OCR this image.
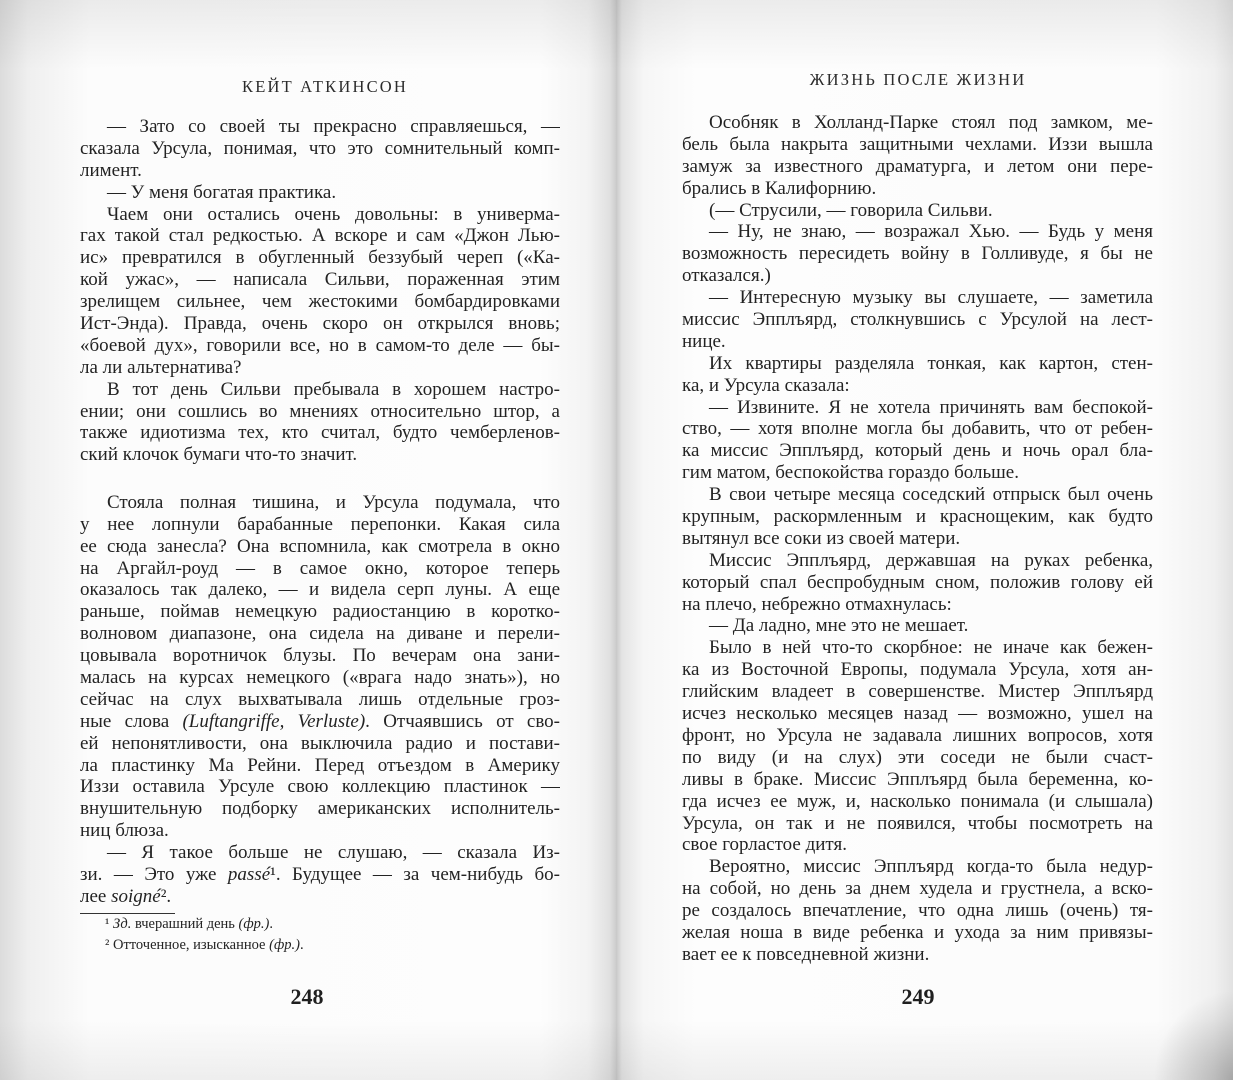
КЕЙТ АТКИНСОН
— Зато со своей ты прекрасно справляешься, —
сказала Урсула, понимая, что это сомнительный комп-
лимент.
— У меня богатая практика.
Чаем они остались очень довольны: в универма-
гах такой стал редкостью. А вскоре и сам «Джон Лью-
ис» превратился в обугленный беззубый череп («Ка-
кой ужас», — написала Сильви, пораженная этим
зрелищем сильнее, чем жестокими бомбардировками
Ист-Энда). Правда, очень скоро он открылся вновь;
«боевой дух», говорили все, но в самом-то деле — бы-
ла ли альтернатива?
В тот день Сильви пребывала в хорошем настро-
ении; они сошлись во мнениях относительно штор, а
также идиотизма тех, кто считал, будто чемберленов-
ский клочок бумаги что-то значит.
Стояла полная тишина, и Урсула подумала, что
у нее лопнули барабанные перепонки. Какая сила
ее сюда занесла? Она вспомнила, как смотрела в окно
на Аргайл-роуд — в самое окно, которое теперь
оказалось так далеко, — и видела серп луны. А еще
раньше, поймав немецкую радиостанцию в коротко-
волновом диапазоне, она сидела на диване и перели-
цовывала воротничок блузы. По вечерам она зани-
малась на курсах немецкого («врага надо знать»), но
сейчас на слух выхватывала лишь отдельные гроз-
ные слова (Luftangriffe, Verluste). Отчаявшись от сво-
ей непонятливости, она выключила радио и постави-
ла пластинку Ма Рейни. Перед отъездом в Америку
Иззи оставила Урсуле свою коллекцию пластинок —
внушительную подборку американских исполнитель-
ниц блюза.
— Я такое больше не слушаю, — сказала Из-
зи. — Это уже passé¹. Будущее — за чем-нибудь бо-
лее soigné².
¹ Зд. вчерашний день (фр.).
² Отточенное, изысканное (фр.).
248
ЖИЗНЬ ПОСЛЕ ЖИЗНИ
Особняк в Холланд-Парке стоял под замком, ме-
бель была накрыта защитными чехлами. Иззи вышла
замуж за известного драматурга, и летом они пере-
брались в Калифорнию.
(— Струсили, — говорила Сильви.
— Ну, не знаю, — возражал Хью. — Будь у меня
возможность пересидеть войну в Голливуде, я бы не
отказался.)
— Интересную музыку вы слушаете, — заметила
миссис Эпплъярд, столкнувшись с Урсулой на лест-
нице.
Их квартиры разделяла тонкая, как картон, стен-
ка, и Урсула сказала:
— Извините. Я не хотела причинять вам беспокой-
ство, — хотя вполне могла бы добавить, что от ребен-
ка миссис Эпплъярд, который день и ночь орал бла-
гим матом, беспокойства гораздо больше.
В свои четыре месяца соседский отпрыск был очень
крупным, раскормленным и краснощеким, как будто
вытянул все соки из своей матери.
Миссис Эпплъярд, державшая на руках ребенка,
который спал беспробудным сном, положив голову ей
на плечо, небрежно отмахнулась:
— Да ладно, мне это не мешает.
Было в ней что-то скорбное: не иначе как бежен-
ка из Восточной Европы, подумала Урсула, хотя ан-
глийским владеет в совершенстве. Мистер Эпплъярд
исчез несколько месяцев назад — возможно, ушел на
фронт, но Урсула не задавала лишних вопросов, хотя
по виду (и на слух) эти соседи не были счаст-
ливы в браке. Миссис Эпплъярд была беременна, ко-
гда исчез ее муж, и, насколько понимала (и слышала)
Урсула, он так и не появился, чтобы посмотреть на
свое горластое дитя.
Вероятно, миссис Эпплъярд когда-то была недур-
на собой, но день за днем худела и грустнела, а вско-
ре создалось впечатление, что одна лишь (очень) тя-
желая ноша в виде ребенка и ухода за ним привязы-
вает ее к повседневной жизни.
249
